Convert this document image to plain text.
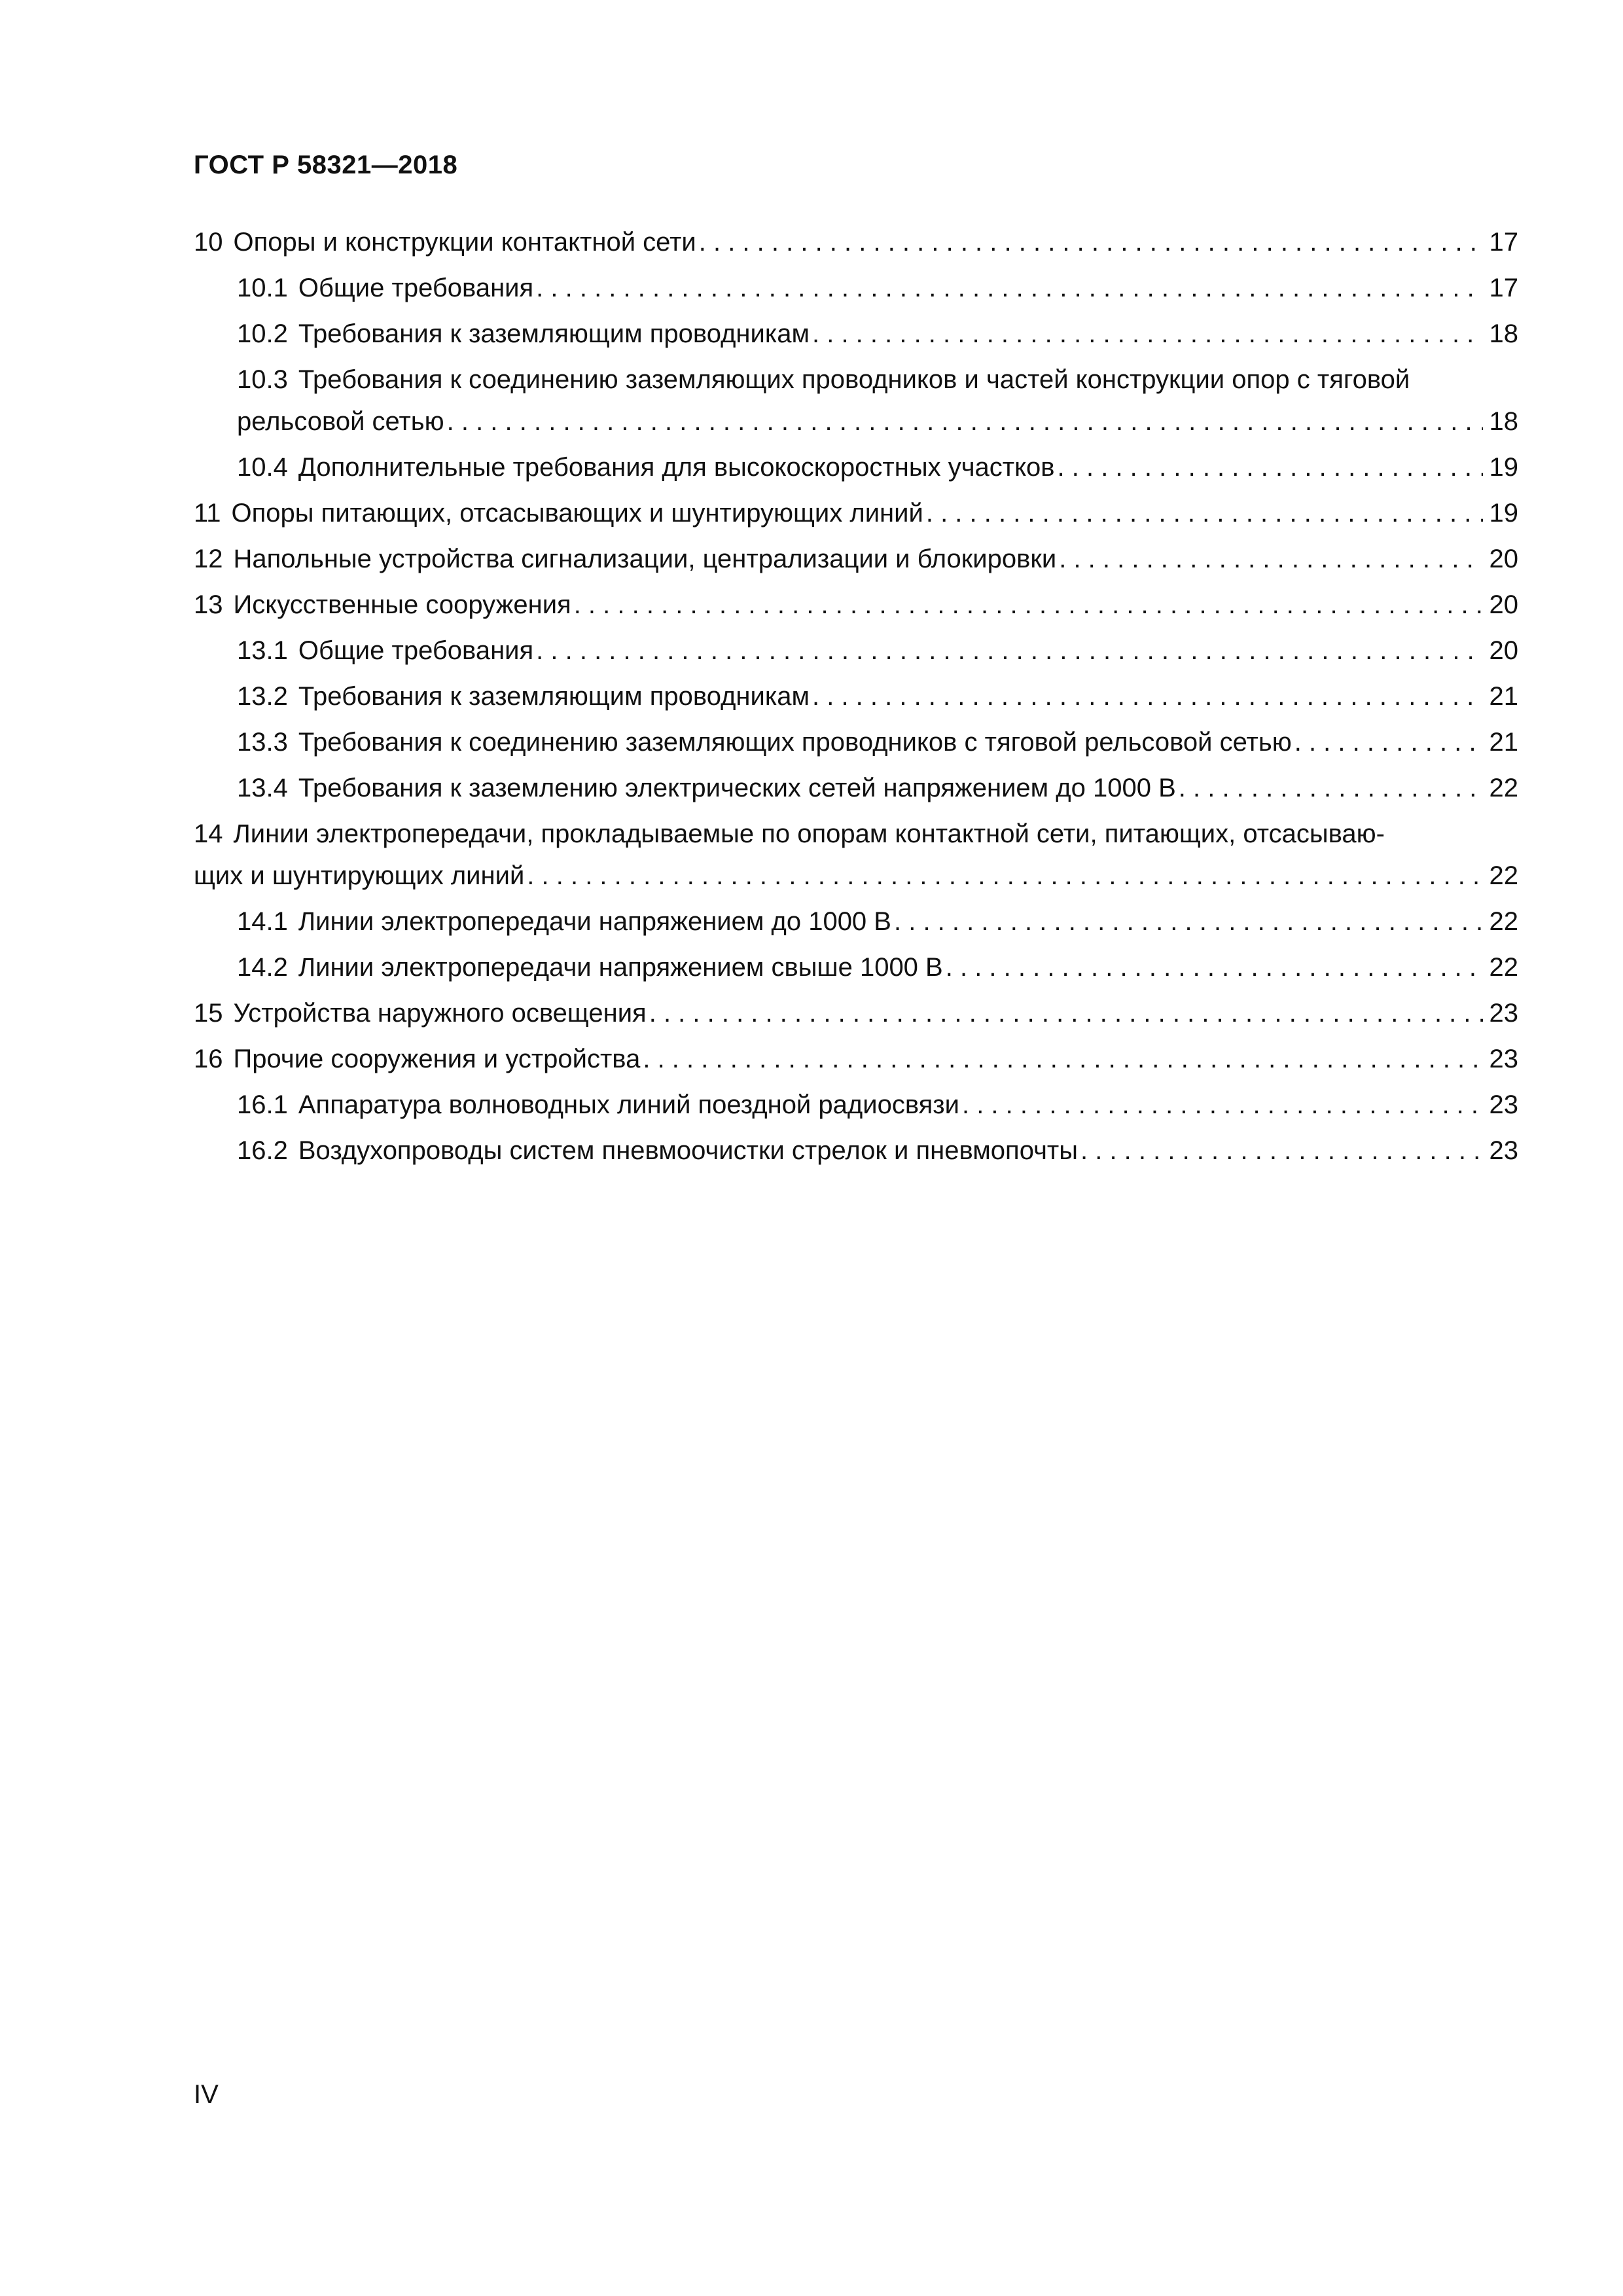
ГОСТ Р 58321—2018
10 Опоры и конструкции контактной сети . . .	17
10.1 Общие требования . . .	17
10.2 Требования к заземляющим проводникам . . .	18
10.3 Требования к соединению заземляющих проводников и частей конструкции опор с тяговой
рельсовой сетью . . .	18
10.4 Дополнительные требования для высокоскоростных участков . . .	19
11 Опоры питающих, отсасывающих и шунтирующих линий . . .	19
12 Напольные устройства сигнализации, централизации и блокировки . . .	20
13 Искусственные сооружения . . .	20
13.1 Общие требования . . .	20
13.2 Требования к заземляющим проводникам . . .	21
13.3 Требования к соединению заземляющих проводников с тяговой рельсовой сетью . . .	21
13.4 Требования к заземлению электрических сетей напряжением до 1000 В . . .	22
14 Линии электропередачи, прокладываемые по опорам контактной сети, питающих, отсасываю-
щих и шунтирующих линий . . .	22
14.1 Линии электропередачи напряжением до 1000 В . . .	22
14.2 Линии электропередачи напряжением свыше 1000 В . . .	22
15 Устройства наружного освещения . . .	23
16 Прочие сооружения и устройства . . .	23
16.1 Аппаратура волноводных линий поездной радиосвязи . . .	23
16.2 Воздухопроводы систем пневмоочистки стрелок и пневмопочты . . .	23
IV
